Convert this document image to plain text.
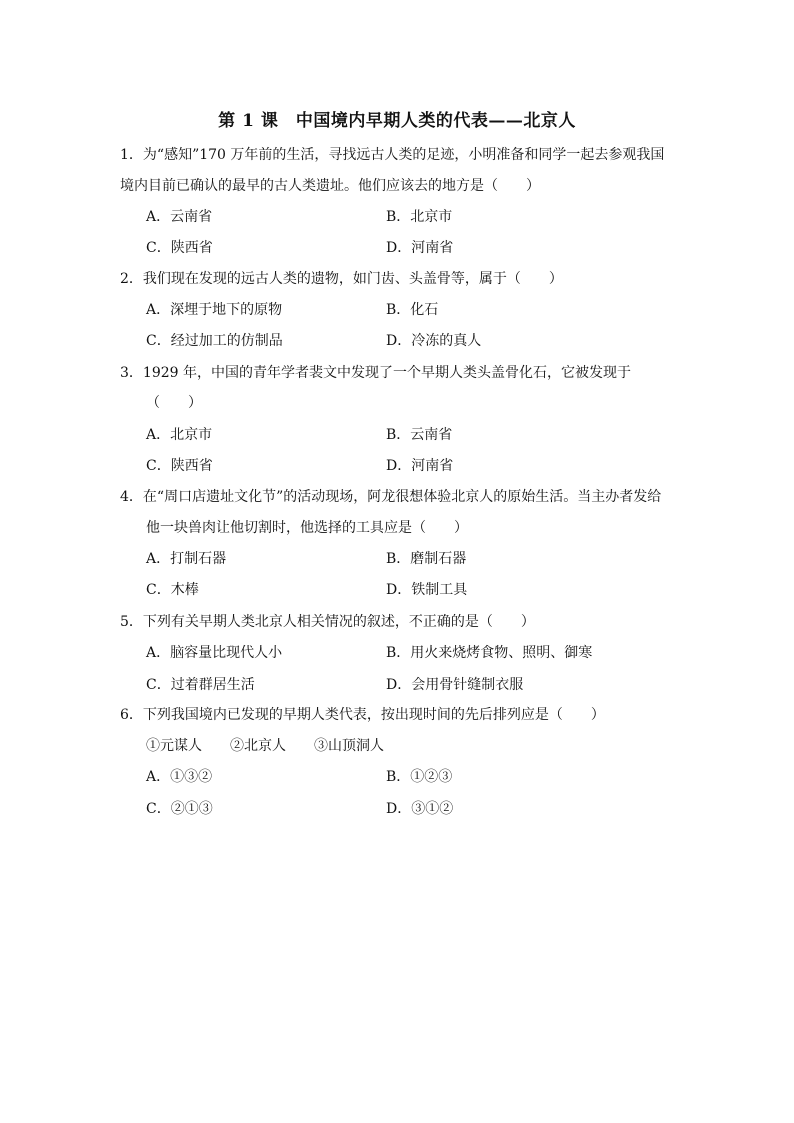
第 1 课　中国境内早期人类的代表——北京人
1．为“感知”170 万年前的生活，寻找远古人类的足迹，小明准备和同学一起去参观我国
境内目前已确认的最早的古人类遗址。他们应该去的地方是（　　）
A．云南省	B．北京市
C．陕西省	D．河南省
2．我们现在发现的远古人类的遗物，如门齿、头盖骨等，属于（　　）
A．深埋于地下的原物	B．化石
C．经过加工的仿制品	D．冷冻的真人
3．1929 年，中国的青年学者裴文中发现了一个早期人类头盖骨化石，它被发现于
（　　）
A．北京市	B．云南省
C．陕西省	D．河南省
4．在“周口店遗址文化节”的活动现场，阿龙很想体验北京人的原始生活。当主办者发给
他一块兽肉让他切割时，他选择的工具应是（　　）
A．打制石器	B．磨制石器
C．木棒	D．铁制工具
5．下列有关早期人类北京人相关情况的叙述，不正确的是（　　）
A．脑容量比现代人小	B．用火来烧烤食物、照明、御寒
C．过着群居生活	D．会用骨针缝制衣服
6．下列我国境内已发现的早期人类代表，按出现时间的先后排列应是（　　）
①元谋人　　②北京人　　③山顶洞人
A．①③②	B．①②③
C．②①③	D．③①②
